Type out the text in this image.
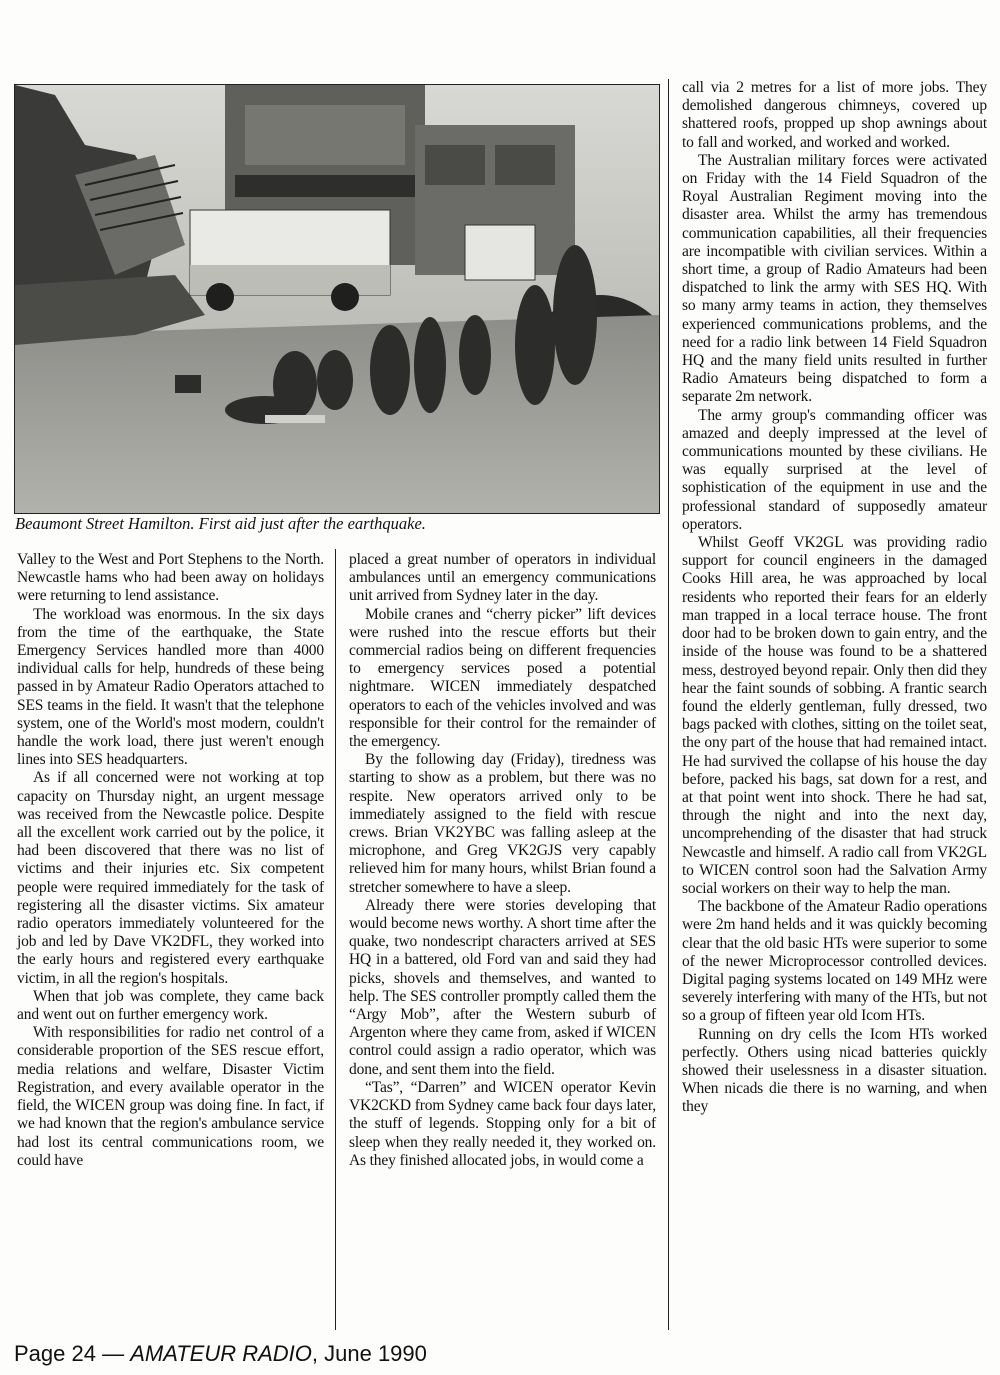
Beaumont Street Hamilton. First aid just after the earthquake.

Valley to the West and Port Stephens to the North. Newcastle hams who had been away on holidays were returning to lend assistance.

The workload was enormous. In the six days from the time of the earthquake, the State Emergency Services handled more than 4000 individual calls for help, hundreds of these being passed in by Amateur Radio Operators attached to SES teams in the field. It wasn't that the telephone system, one of the World's most modern, couldn't handle the work load, there just weren't enough lines into SES headquarters.

As if all concerned were not working at top capacity on Thursday night, an urgent message was received from the Newcastle police. Despite all the excellent work carried out by the police, it had been discovered that there was no list of victims and their injuries etc. Six competent people were required immediately for the task of registering all the disaster victims. Six amateur radio operators immediately volunteered for the job and led by Dave VK2DFL, they worked into the early hours and registered every earthquake victim, in all the region's hospitals.

When that job was complete, they came back and went out on further emergency work.

With responsibilities for radio net control of a considerable proportion of the SES rescue effort, media relations and welfare, Disaster Victim Registration, and every available operator in the field, the WICEN group was doing fine. In fact, if we had known that the region's ambulance service had lost its central communications room, we could have

placed a great number of operators in individual ambulances until an emergency communications unit arrived from Sydney later in the day.

Mobile cranes and “cherry picker” lift devices were rushed into the rescue efforts but their commercial radios being on different frequencies to emergency services posed a potential nightmare. WICEN immediately despatched operators to each of the vehicles involved and was responsible for their control for the remainder of the emergency.

By the following day (Friday), tiredness was starting to show as a problem, but there was no respite. New operators arrived only to be immediately assigned to the field with rescue crews. Brian VK2YBC was falling asleep at the microphone, and Greg VK2GJS very capably relieved him for many hours, whilst Brian found a stretcher somewhere to have a sleep.

Already there were stories developing that would become news worthy. A short time after the quake, two nondescript characters arrived at SES HQ in a battered, old Ford van and said they had picks, shovels and themselves, and wanted to help. The SES controller promptly called them the “Argy Mob”, after the Western suburb of Argenton where they came from, asked if WICEN control could assign a radio operator, which was done, and sent them into the field.

“Tas”, “Darren” and WICEN operator Kevin VK2CKD from Sydney came back four days later, the stuff of legends. Stopping only for a bit of sleep when they really needed it, they worked on. As they finished allocated jobs, in would come a

call via 2 metres for a list of more jobs. They demolished dangerous chimneys, covered up shattered roofs, propped up shop awnings about to fall and worked, and worked and worked.

The Australian military forces were activated on Friday with the 14 Field Squadron of the Royal Australian Regiment moving into the disaster area. Whilst the army has tremendous communication capabilities, all their frequencies are incompatible with civilian services. Within a short time, a group of Radio Amateurs had been dispatched to link the army with SES HQ. With so many army teams in action, they themselves experienced communications problems, and the need for a radio link between 14 Field Squadron HQ and the many field units resulted in further Radio Amateurs being dispatched to form a separate 2m network.

The army group's commanding officer was amazed and deeply impressed at the level of communications mounted by these civilians. He was equally surprised at the level of sophistication of the equipment in use and the professional standard of supposedly amateur operators.

Whilst Geoff VK2GL was providing radio support for council engineers in the damaged Cooks Hill area, he was approached by local residents who reported their fears for an elderly man trapped in a local terrace house. The front door had to be broken down to gain entry, and the inside of the house was found to be a shattered mess, destroyed beyond repair. Only then did they hear the faint sounds of sobbing. A frantic search found the elderly gentleman, fully dressed, two bags packed with clothes, sitting on the toilet seat, the ony part of the house that had remained intact. He had survived the collapse of his house the day before, packed his bags, sat down for a rest, and at that point went into shock. There he had sat, through the night and into the next day, uncomprehending of the disaster that had struck Newcastle and himself. A radio call from VK2GL to WICEN control soon had the Salvation Army social workers on their way to help the man.

The backbone of the Amateur Radio operations were 2m hand helds and it was quickly becoming clear that the old basic HTs were superior to some of the newer Microprocessor controlled devices. Digital paging systems located on 149 MHz were severely interfering with many of the HTs, but not so a group of fifteen year old Icom HTs.

Running on dry cells the Icom HTs worked perfectly. Others using nicad batteries quickly showed their uselessness in a disaster situation. When nicads die there is no warning, and when they

Page 24 — AMATEUR RADIO, June 1990
